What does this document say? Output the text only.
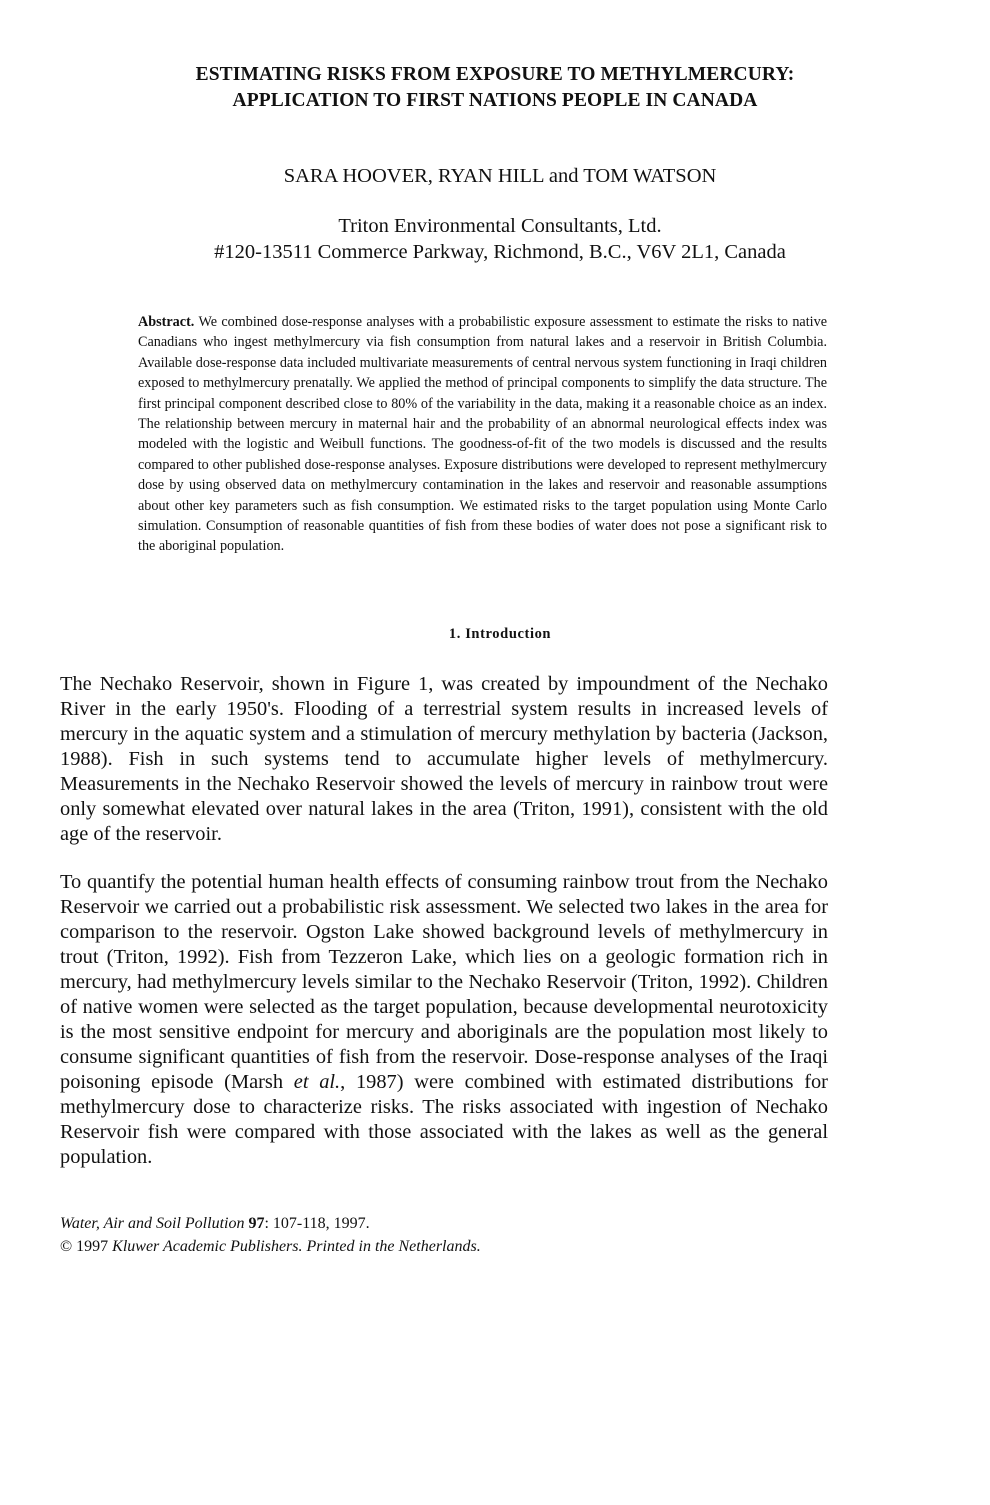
ESTIMATING RISKS FROM EXPOSURE TO METHYLMERCURY:
APPLICATION TO FIRST NATIONS PEOPLE IN CANADA
SARA HOOVER, RYAN HILL and TOM WATSON
Triton Environmental Consultants, Ltd.
#120-13511 Commerce Parkway, Richmond, B.C., V6V 2L1, Canada
Abstract. We combined dose-response analyses with a probabilistic exposure assessment to estimate the risks to native Canadians who ingest methylmercury via fish consumption from natural lakes and a reservoir in British Columbia. Available dose-response data included multivariate measurements of central nervous system functioning in Iraqi children exposed to methylmercury prenatally. We applied the method of principal components to simplify the data structure. The first principal component described close to 80% of the variability in the data, making it a reasonable choice as an index. The relationship between mercury in maternal hair and the probability of an abnormal neurological effects index was modeled with the logistic and Weibull functions. The goodness-of-fit of the two models is discussed and the results compared to other published dose-response analyses. Exposure distributions were developed to represent methylmercury dose by using observed data on methylmercury contamination in the lakes and reservoir and reasonable assumptions about other key parameters such as fish consumption. We estimated risks to the target population using Monte Carlo simulation. Consumption of reasonable quantities of fish from these bodies of water does not pose a significant risk to the aboriginal population.
1. Introduction
The Nechako Reservoir, shown in Figure 1, was created by impoundment of the Nechako River in the early 1950's. Flooding of a terrestrial system results in increased levels of mercury in the aquatic system and a stimulation of mercury methylation by bacteria (Jackson, 1988). Fish in such systems tend to accumulate higher levels of methylmercury. Measurements in the Nechako Reservoir showed the levels of mercury in rainbow trout were only somewhat elevated over natural lakes in the area (Triton, 1991), consistent with the old age of the reservoir.
To quantify the potential human health effects of consuming rainbow trout from the Nechako Reservoir we carried out a probabilistic risk assessment. We selected two lakes in the area for comparison to the reservoir. Ogston Lake showed background levels of methylmercury in trout (Triton, 1992). Fish from Tezzeron Lake, which lies on a geologic formation rich in mercury, had methylmercury levels similar to the Nechako Reservoir (Triton, 1992). Children of native women were selected as the target population, because developmental neurotoxicity is the most sensitive endpoint for mercury and aboriginals are the population most likely to consume significant quantities of fish from the reservoir. Dose-response analyses of the Iraqi poisoning episode (Marsh et al., 1987) were combined with estimated distributions for methylmercury dose to characterize risks. The risks associated with ingestion of Nechako Reservoir fish were compared with those associated with the lakes as well as the general population.
Water, Air and Soil Pollution 97: 107-118, 1997.
© 1997 Kluwer Academic Publishers. Printed in the Netherlands.
